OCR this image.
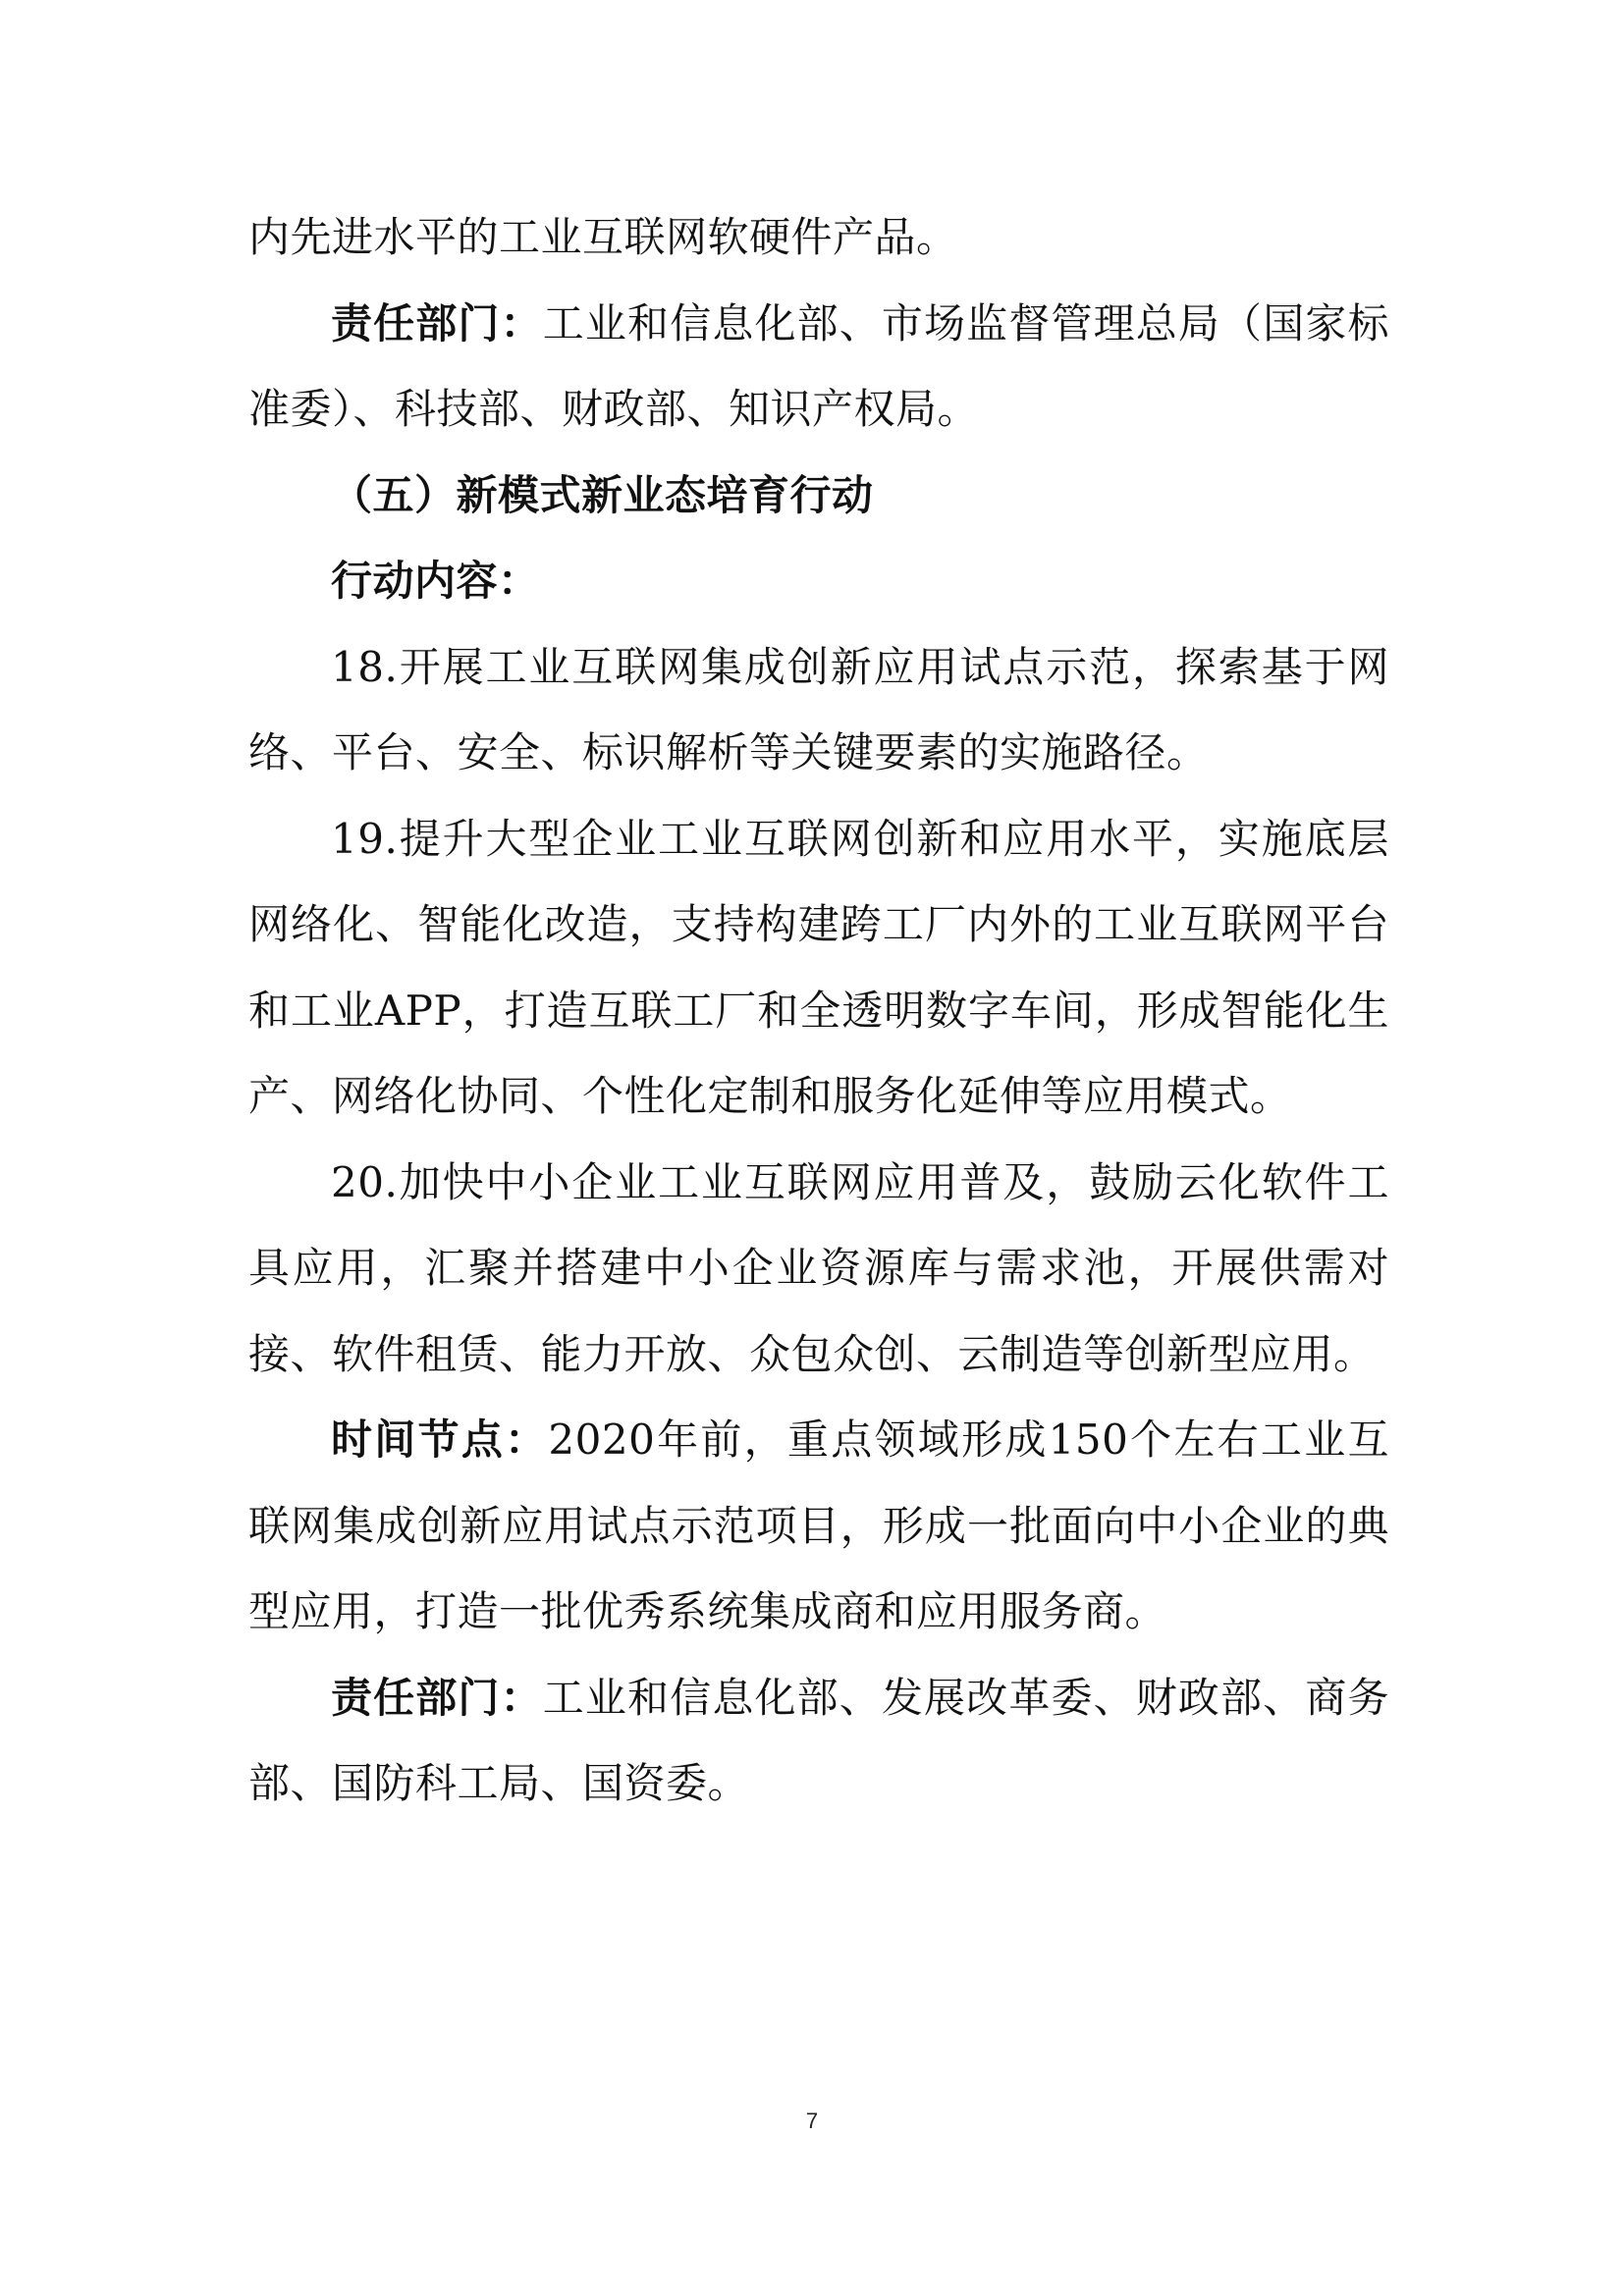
内先进水平的工业互联网软硬件产品。

责任部门：工业和信息化部、市场监督管理总局（国家标准委）、科技部、财政部、知识产权局。

（五）新模式新业态培育行动

行动内容：

18.开展工业互联网集成创新应用试点示范，探索基于网络、平台、安全、标识解析等关键要素的实施路径。

19.提升大型企业工业互联网创新和应用水平，实施底层网络化、智能化改造，支持构建跨工厂内外的工业互联网平台和工业APP，打造互联工厂和全透明数字车间，形成智能化生产、网络化协同、个性化定制和服务化延伸等应用模式。

20.加快中小企业工业互联网应用普及，鼓励云化软件工具应用，汇聚并搭建中小企业资源库与需求池，开展供需对接、软件租赁、能力开放、众包众创、云制造等创新型应用。

时间节点：2020年前，重点领域形成150个左右工业互联网集成创新应用试点示范项目，形成一批面向中小企业的典型应用，打造一批优秀系统集成商和应用服务商。

责任部门：工业和信息化部、发展改革委、财政部、商务部、国防科工局、国资委。

7
